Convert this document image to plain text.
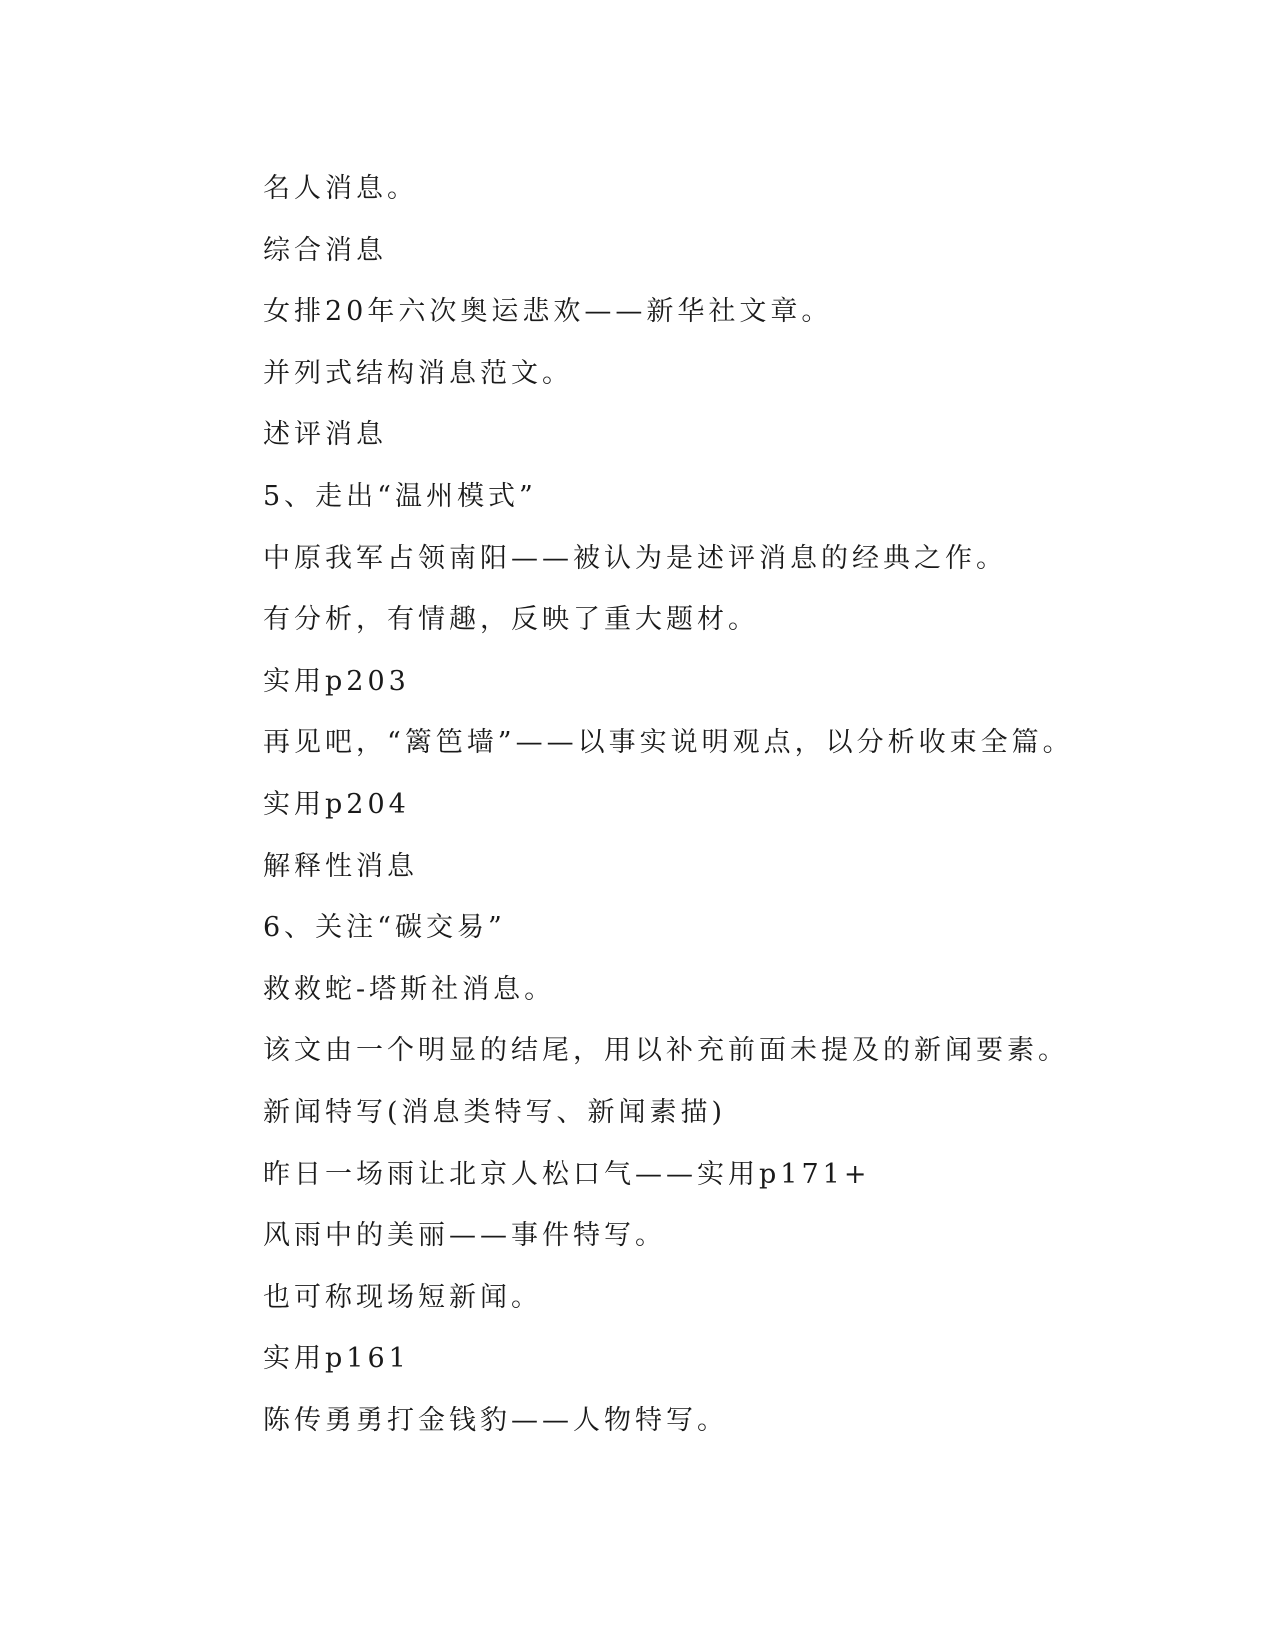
名人消息。
综合消息
女排20年六次奥运悲欢——新华社文章。
并列式结构消息范文。
述评消息
5、走出“温州模式”
中原我军占领南阳——被认为是述评消息的经典之作。
有分析，有情趣，反映了重大题材。
实用p203
再见吧，“篱笆墙”——以事实说明观点，以分析收束全篇。
实用p204
解释性消息
6、关注“碳交易”
救救蛇-塔斯社消息。
该文由一个明显的结尾，用以补充前面未提及的新闻要素。
新闻特写(消息类特写、新闻素描)
昨日一场雨让北京人松口气——实用p171+
风雨中的美丽——事件特写。
也可称现场短新闻。
实用p161
陈传勇勇打金钱豹——人物特写。
